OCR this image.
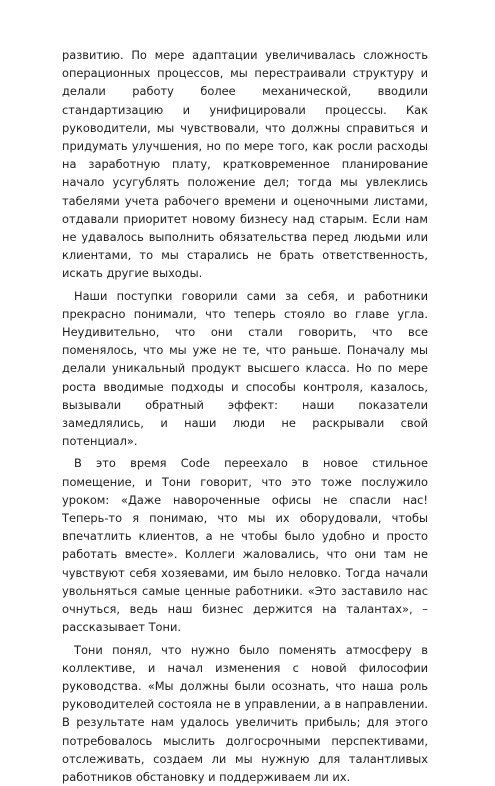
развитию. По мере адаптации увеличивалась сложность операционных процессов, мы перестраивали структуру и делали работу более механической, вводили стандартизацию и унифицировали процессы. Как руководители, мы чувствовали, что должны справиться и придумать улучшения, но по мере того, как росли расходы на заработную плату, кратковременное планирование начало усугублять положение дел; тогда мы увлеклись табелями учета рабочего времени и оценочными листами, отдавали приоритет новому бизнесу над старым. Если нам не удавалось выполнить обязательства перед людьми или клиентами, то мы старались не брать ответственность, искать другие выходы.

Наши поступки говорили сами за себя, и работники прекрасно понимали, что теперь стояло во главе угла. Неудивительно, что они стали говорить, что все поменялось, что мы уже не те, что раньше. Поначалу мы делали уникальный продукт высшего класса. Но по мере роста вводимые подходы и способы контроля, казалось, вызывали обратный эффект: наши показатели замедлялись, и наши люди не раскрывали свой потенциал».

В это время Code переехало в новое стильное помещение, и Тони говорит, что это тоже послужило уроком: «Даже навороченные офисы не спасли нас! Теперь-то я понимаю, что мы их оборудовали, чтобы впечатлить клиентов, а не чтобы было удобно и просто работать вместе». Коллеги жаловались, что они там не чувствуют себя хозяевами, им было неловко. Тогда начали увольняться самые ценные работники. «Это заставило нас очнуться, ведь наш бизнес держится на талантах», – рассказывает Тони.

Тони понял, что нужно было поменять атмосферу в коллективе, и начал изменения с новой философии руководства. «Мы должны были осознать, что наша роль руководителей состояла не в управлении, а в направлении. В результате нам удалось увеличить прибыль; для этого потребовалось мыслить долгосрочными перспективами, отслеживать, создаем ли мы нужную для талантливых работников обстановку и поддерживаем ли их.
